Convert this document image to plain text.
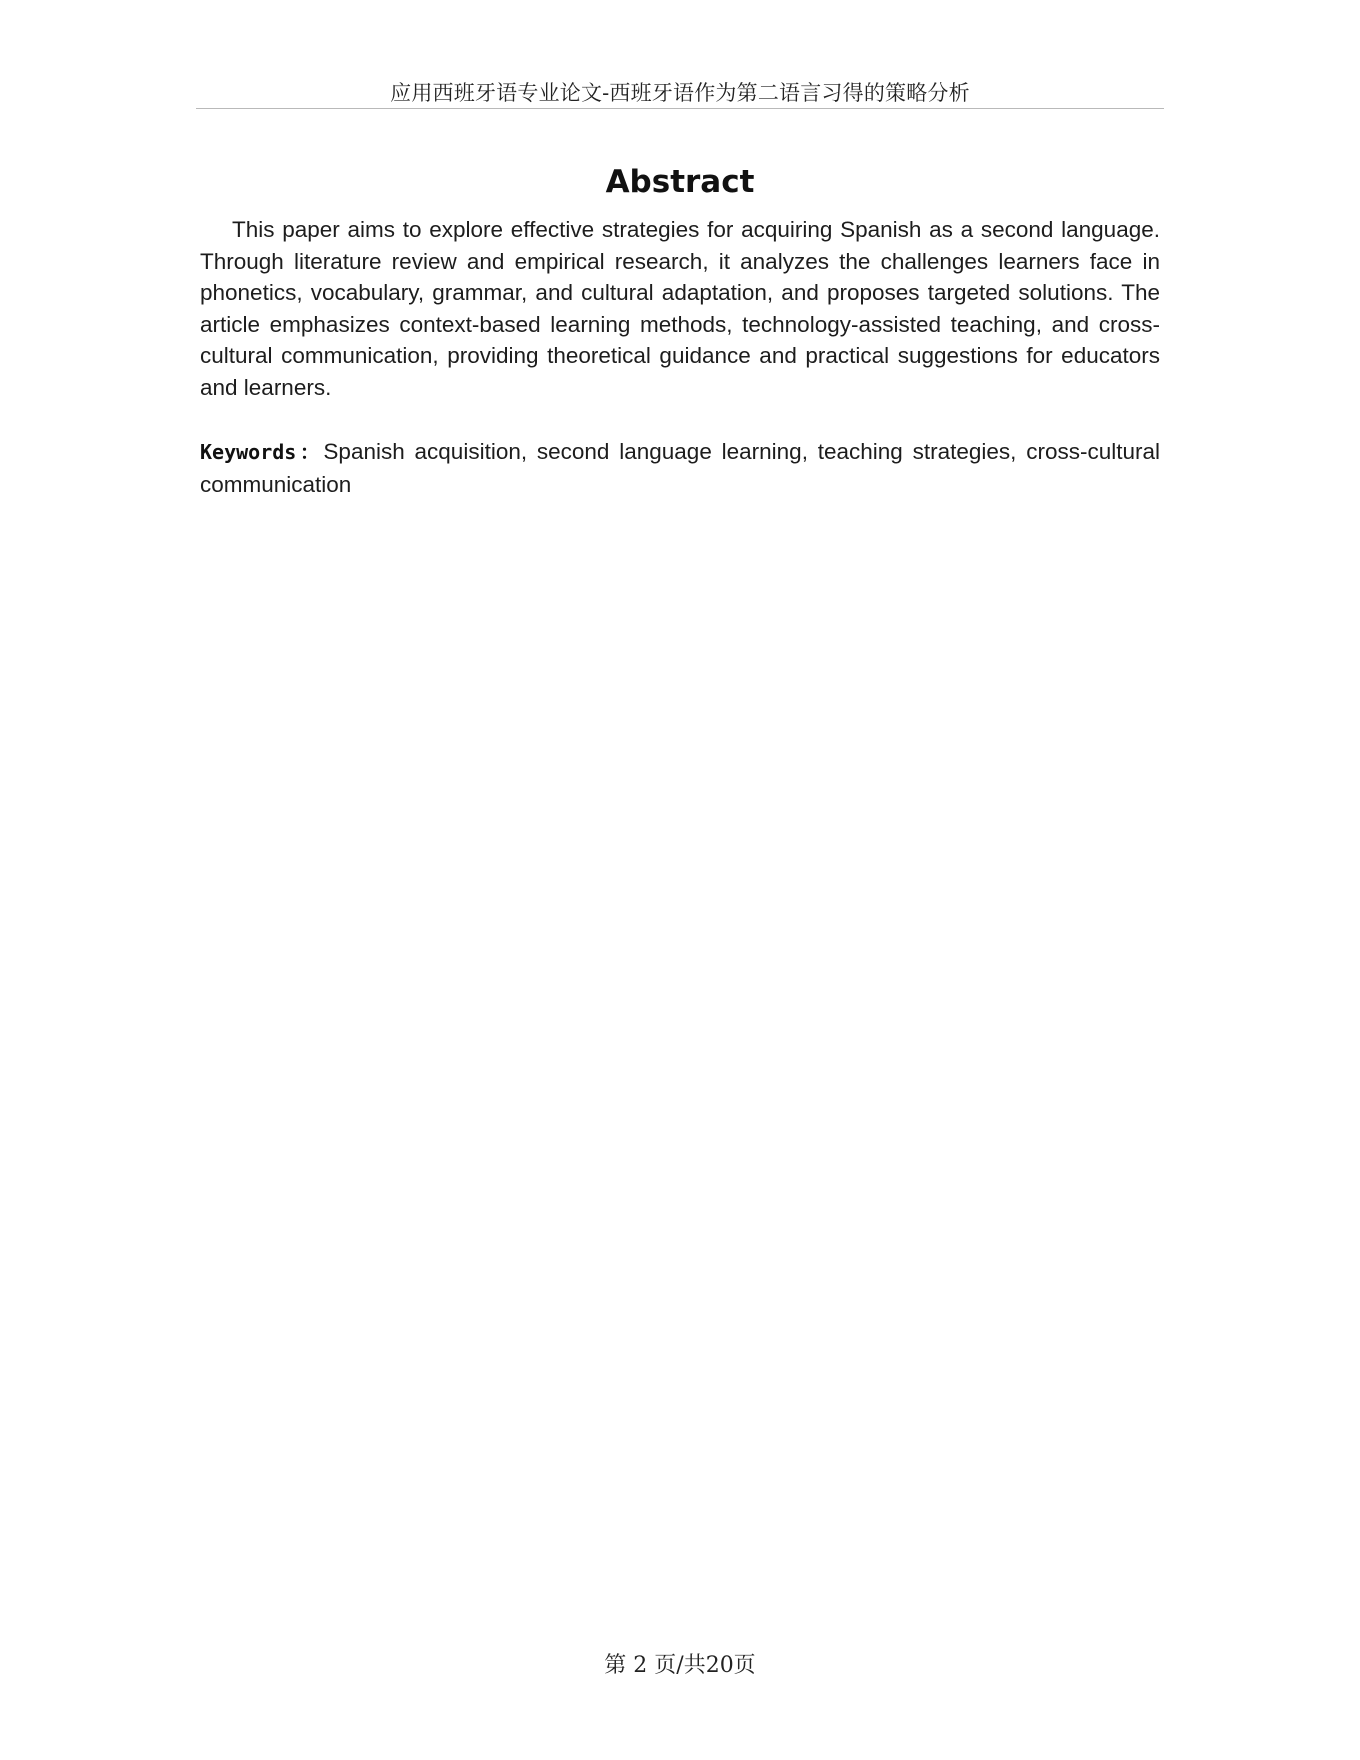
应用西班牙语专业论文-西班牙语作为第二语言习得的策略分析
Abstract

This paper aims to explore effective strategies for acquiring Spanish as a second language. Through literature review and empirical research, it analyzes the challenges learners face in phonetics, vocabulary, grammar, and cultural adaptation, and proposes targeted solutions. The article emphasizes context-based learning methods, technology-assisted teaching, and cross-cultural communication, providing theoretical guidance and practical suggestions for educators and learners.

Keywords：Spanish acquisition, second language learning, teaching strategies, cross-cultural communication

第 2 页/共20页
